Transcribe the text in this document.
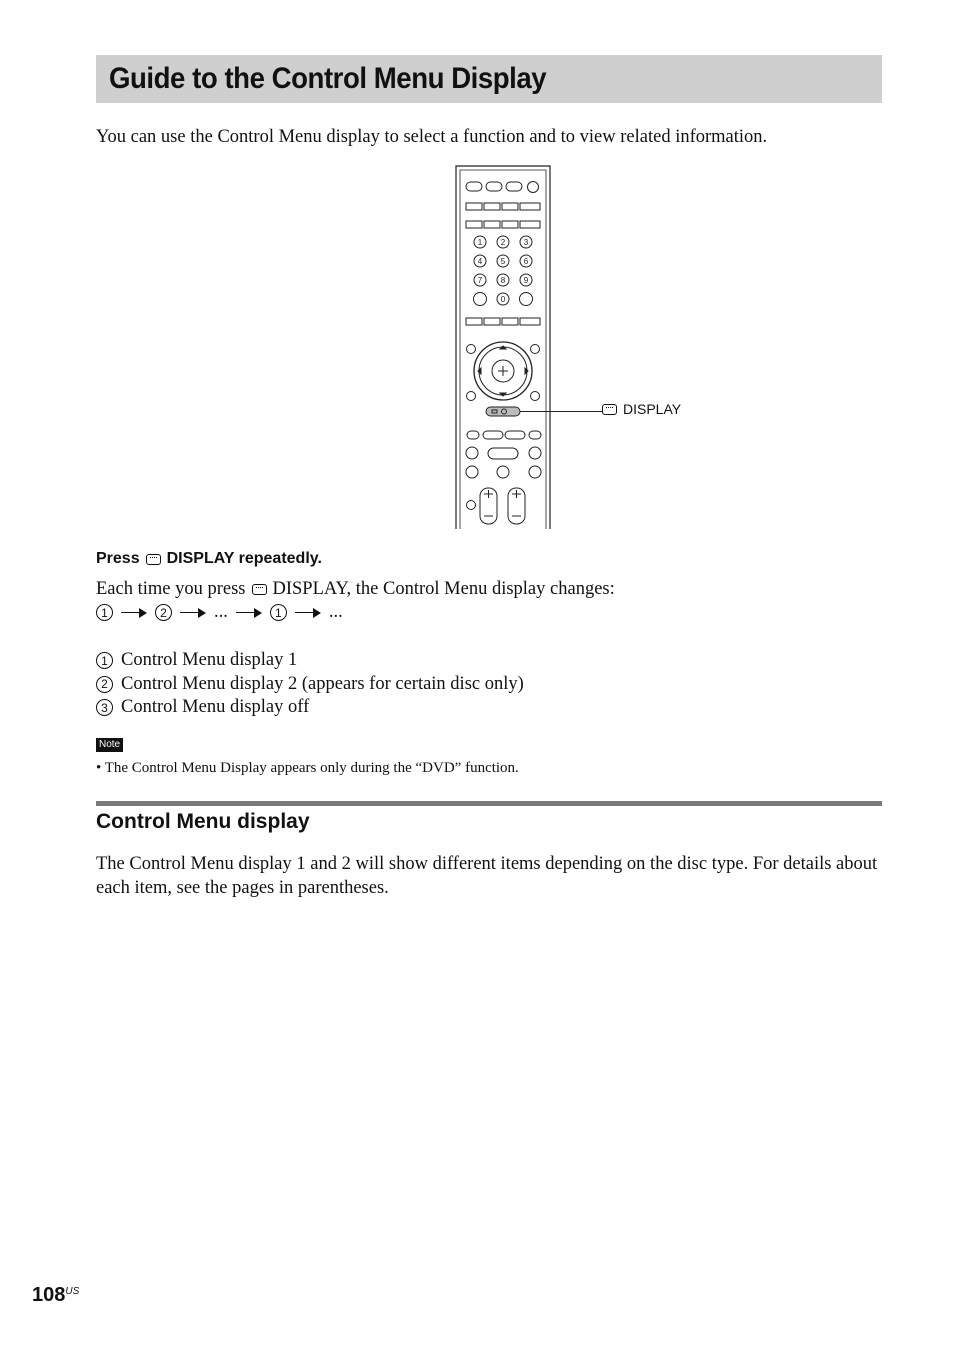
Guide to the Control Menu Display
You can use the Control Menu display to select a function and to view related information.
1 2 3
4 5 6
7 8 9
0
DISPLAY
Press DISPLAY repeatedly.
Each time you press DISPLAY, the Control Menu display changes:
1	2	...	1	...
1 Control Menu display 1
2 Control Menu display 2 (appears for certain disc only)
3 Control Menu display off
Note
• The Control Menu Display appears only during the “DVD” function.
Control Menu display

The Control Menu display 1 and 2 will show different items depending on the disc type. For details about each item, see the pages in parentheses.

$108^{US}$
